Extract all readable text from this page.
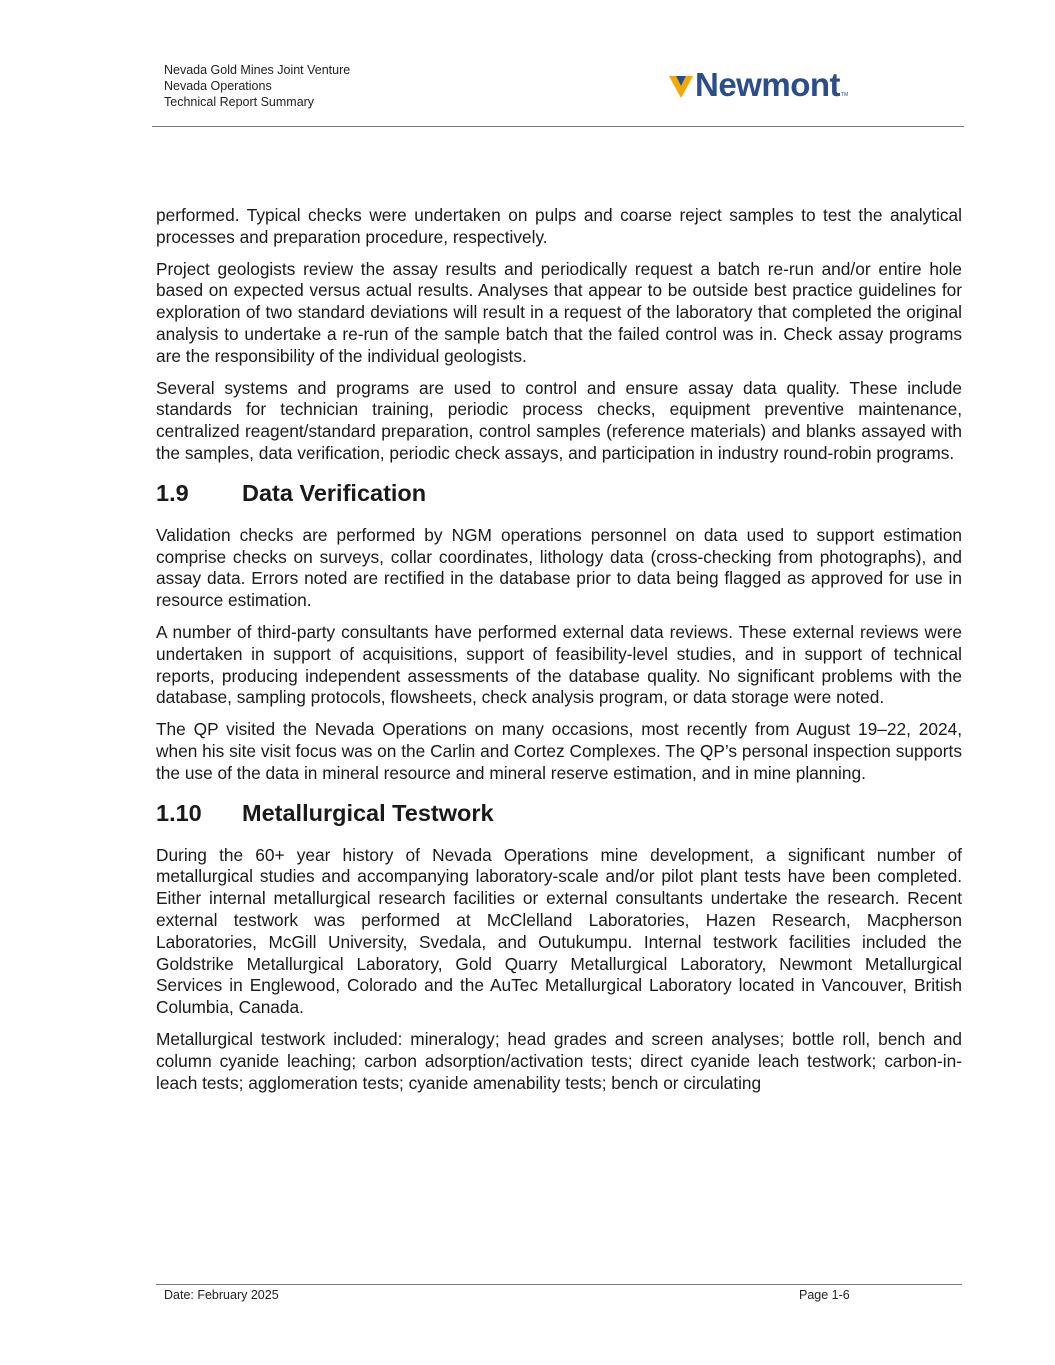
Nevada Gold Mines Joint Venture
Nevada Operations
Technical Report Summary	Newmont TM

performed. Typical checks were undertaken on pulps and coarse reject samples to test the analytical processes and preparation procedure, respectively.

Project geologists review the assay results and periodically request a batch re-run and/or entire hole based on expected versus actual results. Analyses that appear to be outside best practice guidelines for exploration of two standard deviations will result in a request of the laboratory that completed the original analysis to undertake a re-run of the sample batch that the failed control was in. Check assay programs are the responsibility of the individual geologists.

Several systems and programs are used to control and ensure assay data quality. These include standards for technician training, periodic process checks, equipment preventive maintenance, centralized reagent/standard preparation, control samples (reference materials) and blanks assayed with the samples, data verification, periodic check assays, and participation in industry round-robin programs.

1.9	Data Verification

Validation checks are performed by NGM operations personnel on data used to support estimation comprise checks on surveys, collar coordinates, lithology data (cross-checking from photographs), and assay data. Errors noted are rectified in the database prior to data being flagged as approved for use in resource estimation.

A number of third-party consultants have performed external data reviews. These external reviews were undertaken in support of acquisitions, support of feasibility-level studies, and in support of technical reports, producing independent assessments of the database quality. No significant problems with the database, sampling protocols, flowsheets, check analysis program, or data storage were noted.

The QP visited the Nevada Operations on many occasions, most recently from August 19–22, 2024, when his site visit focus was on the Carlin and Cortez Complexes. The QP’s personal inspection supports the use of the data in mineral resource and mineral reserve estimation, and in mine planning.

1.10	Metallurgical Testwork

During the 60+ year history of Nevada Operations mine development, a significant number of metallurgical studies and accompanying laboratory-scale and/or pilot plant tests have been completed. Either internal metallurgical research facilities or external consultants undertake the research. Recent external testwork was performed at McClelland Laboratories, Hazen Research, Macpherson Laboratories, McGill University, Svedala, and Outukumpu. Internal testwork facilities included the Goldstrike Metallurgical Laboratory, Gold Quarry Metallurgical Laboratory, Newmont Metallurgical Services in Englewood, Colorado and the AuTec Metallurgical Laboratory located in Vancouver, British Columbia, Canada.

Metallurgical testwork included: mineralogy; head grades and screen analyses; bottle roll, bench and column cyanide leaching; carbon adsorption/activation tests; direct cyanide leach testwork; carbon-in-leach tests; agglomeration tests; cyanide amenability tests; bench or circulating

Date: February 2025	Page 1-6
